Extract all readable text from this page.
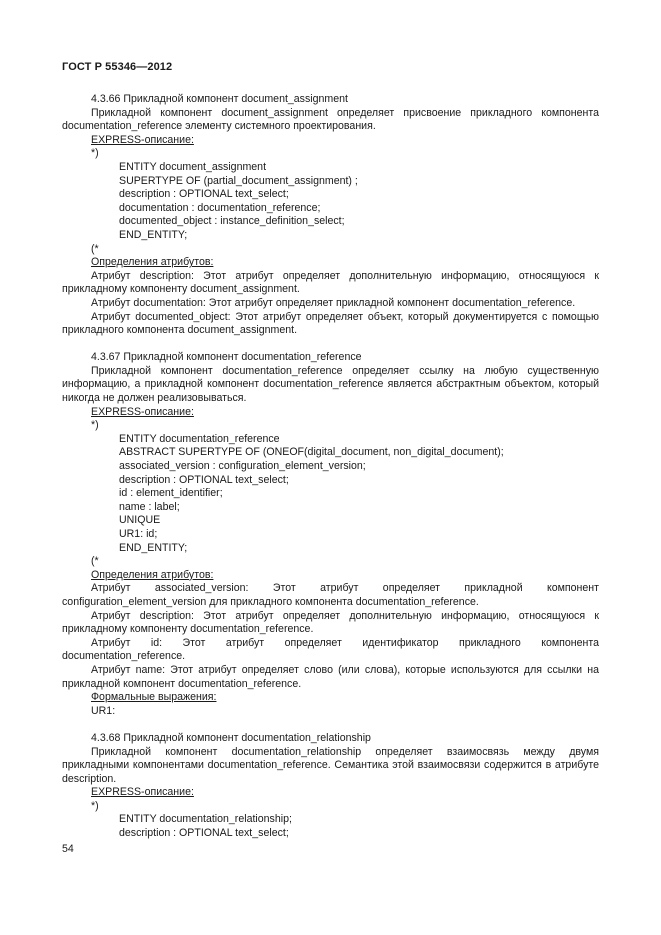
ГОСТ Р 55346—2012

4.3.66 Прикладной компонент document_assignment

Прикладной компонент document_assignment определяет присвоение прикладного компонента documentation_reference элементу системного проектирования.

EXPRESS-описание:

*)

ENTITY document_assignment

SUPERTYPE OF (partial_document_assignment) ;

description : OPTIONAL text_select;

documentation : documentation_reference;

documented_object : instance_definition_select;

END_ENTITY;

(*

Определения атрибутов:

Атрибут description: Этот атрибут определяет дополнительную информацию, относящуюся к прикладному компоненту document_assignment.

Атрибут documentation: Этот атрибут определяет прикладной компонент documentation_reference.

Атрибут documented_object: Этот атрибут определяет объект, который документируется с помощью прикладного компонента document_assignment.

4.3.67 Прикладной компонент documentation_reference

Прикладной компонент documentation_reference определяет ссылку на любую существенную информацию, а прикладной компонент documentation_reference является абстрактным объектом, который никогда не должен реализовываться.

EXPRESS-описание:

*)

ENTITY documentation_reference

ABSTRACT SUPERTYPE OF (ONEOF(digital_document, non_digital_document);

associated_version : configuration_element_version;

description : OPTIONAL text_select;

id : element_identifier;

name : label;

UNIQUE

UR1: id;

END_ENTITY;

(*

Определения атрибутов:

Атрибут associated_version: Этот атрибут определяет прикладной компонент configuration_element_version для прикладного компонента documentation_reference.

Атрибут description: Этот атрибут определяет дополнительную информацию, относящуюся к прикладному компоненту documentation_reference.

Атрибут id: Этот атрибут определяет идентификатор прикладного компонента documentation_reference.

Атрибут name: Этот атрибут определяет слово (или слова), которые используются для ссылки на прикладной компонент documentation_reference.

Формальные выражения:

UR1:

4.3.68 Прикладной компонент documentation_relationship

Прикладной компонент documentation_relationship определяет взаимосвязь между двумя прикладными компонентами documentation_reference. Семантика этой взаимосвязи содержится в атрибуте description.

EXPRESS-описание:

*)

ENTITY documentation_relationship;

description : OPTIONAL text_select;

54
